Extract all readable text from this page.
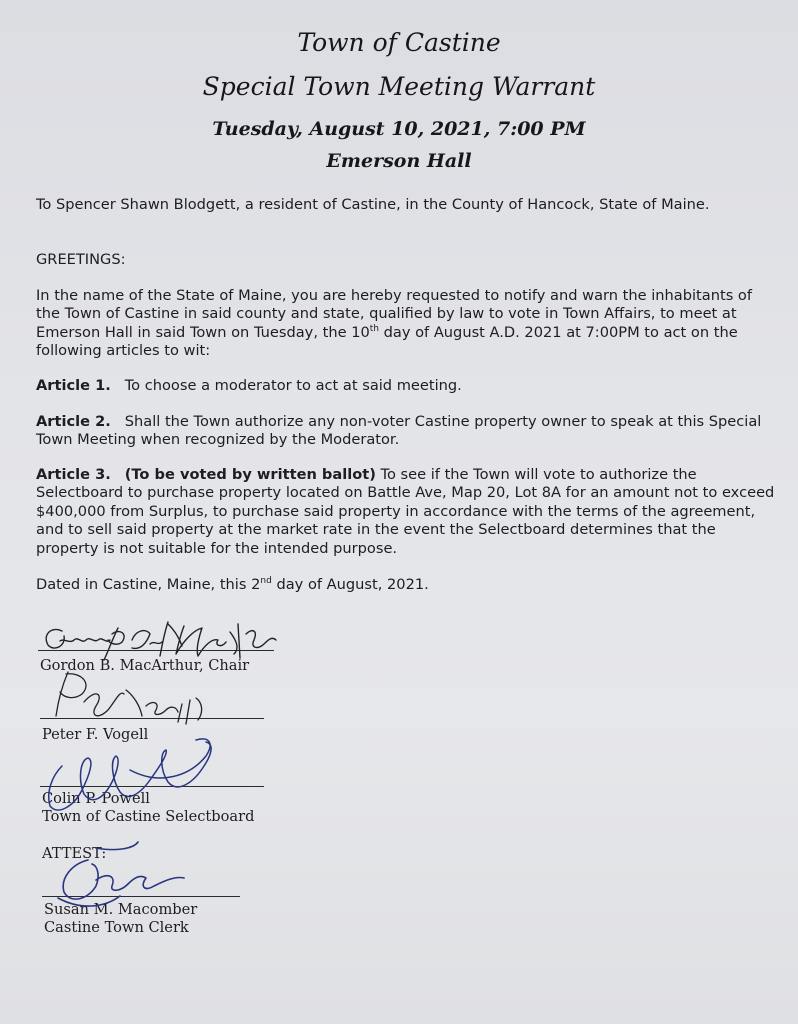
Town of Castine
Special Town Meeting Warrant
Tuesday, August 10, 2021, 7:00 PM
Emerson Hall

To Spencer Shawn Blodgett, a resident of Castine, in the County of Hancock, State of Maine.

GREETINGS:

In the name of the State of Maine, you are hereby requested to notify and warn the inhabitants of the Town of Castine in said county and state, qualified by law to vote in Town Affairs, to meet at Emerson Hall in said Town on Tuesday, the 10th day of August A.D. 2021 at 7:00PM to act on the following articles to wit:

Article 1. To choose a moderator to act at said meeting.

Article 2. Shall the Town authorize any non-voter Castine property owner to speak at this Special Town Meeting when recognized by the Moderator.

Article 3. (To be voted by written ballot) To see if the Town will vote to authorize the Selectboard to purchase property located on Battle Ave, Map 20, Lot 8A for an amount not to exceed $400,000 from Surplus, to purchase said property in accordance with the terms of the agreement, and to sell said property at the market rate in the event the Selectboard determines that the property is not suitable for the intended purpose.

Dated in Castine, Maine, this 2nd day of August, 2021.

Gordon B. MacArthur, Chair
Peter F. Vogell
Colin P. Powell
Town of Castine Selectboard
ATTEST:
Susan M. Macomber
Castine Town Clerk
